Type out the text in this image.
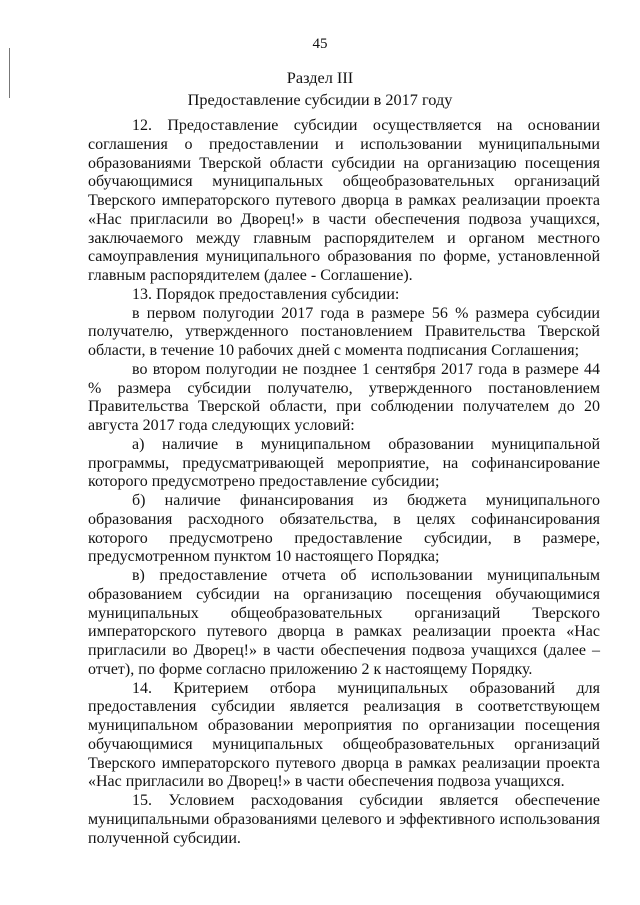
45
Раздел III
Предоставление субсидии в 2017 году

12. Предоставление субсидии осуществляется на основании соглашения о предоставлении и использовании муниципальными образованиями Тверской области субсидии на организацию посещения обучающимися муниципальных общеобразовательных организаций Тверского императорского путевого дворца в рамках реализации проекта «Нас пригласили во Дворец!» в части обеспечения подвоза учащихся, заключаемого между главным распорядителем и органом местного самоуправления муниципального образования по форме, установленной главным распорядителем (далее - Соглашение).

13. Порядок предоставления субсидии:

в первом полугодии 2017 года в размере 56 % размера субсидии получателю, утвержденного постановлением Правительства Тверской области, в течение 10 рабочих дней с момента подписания Соглашения;

во втором полугодии не позднее 1 сентября 2017 года в размере 44 % размера субсидии получателю, утвержденного постановлением Правительства Тверской области, при соблюдении получателем до 20 августа 2017 года следующих условий:

а) наличие в муниципальном образовании муниципальной программы, предусматривающей мероприятие, на софинансирование которого предусмотрено предоставление субсидии;

б) наличие финансирования из бюджета муниципального образования расходного обязательства, в целях софинансирования которого предусмотрено предоставление субсидии, в размере, предусмотренном пунктом 10 настоящего Порядка;

в) предоставление отчета об использовании муниципальным образованием субсидии на организацию посещения обучающимися муниципальных общеобразовательных организаций Тверского императорского путевого дворца в рамках реализации проекта «Нас пригласили во Дворец!» в части обеспечения подвоза учащихся (далее – отчет), по форме согласно приложению 2 к настоящему Порядку.

14. Критерием отбора муниципальных образований для предоставления субсидии является реализация в соответствующем муниципальном образовании мероприятия по организации посещения обучающимися муниципальных общеобразовательных организаций Тверского императорского путевого дворца в рамках реализации проекта «Нас пригласили во Дворец!» в части обеспечения подвоза учащихся.

15. Условием расходования субсидии является обеспечение муниципальными образованиями целевого и эффективного использования полученной субсидии.
